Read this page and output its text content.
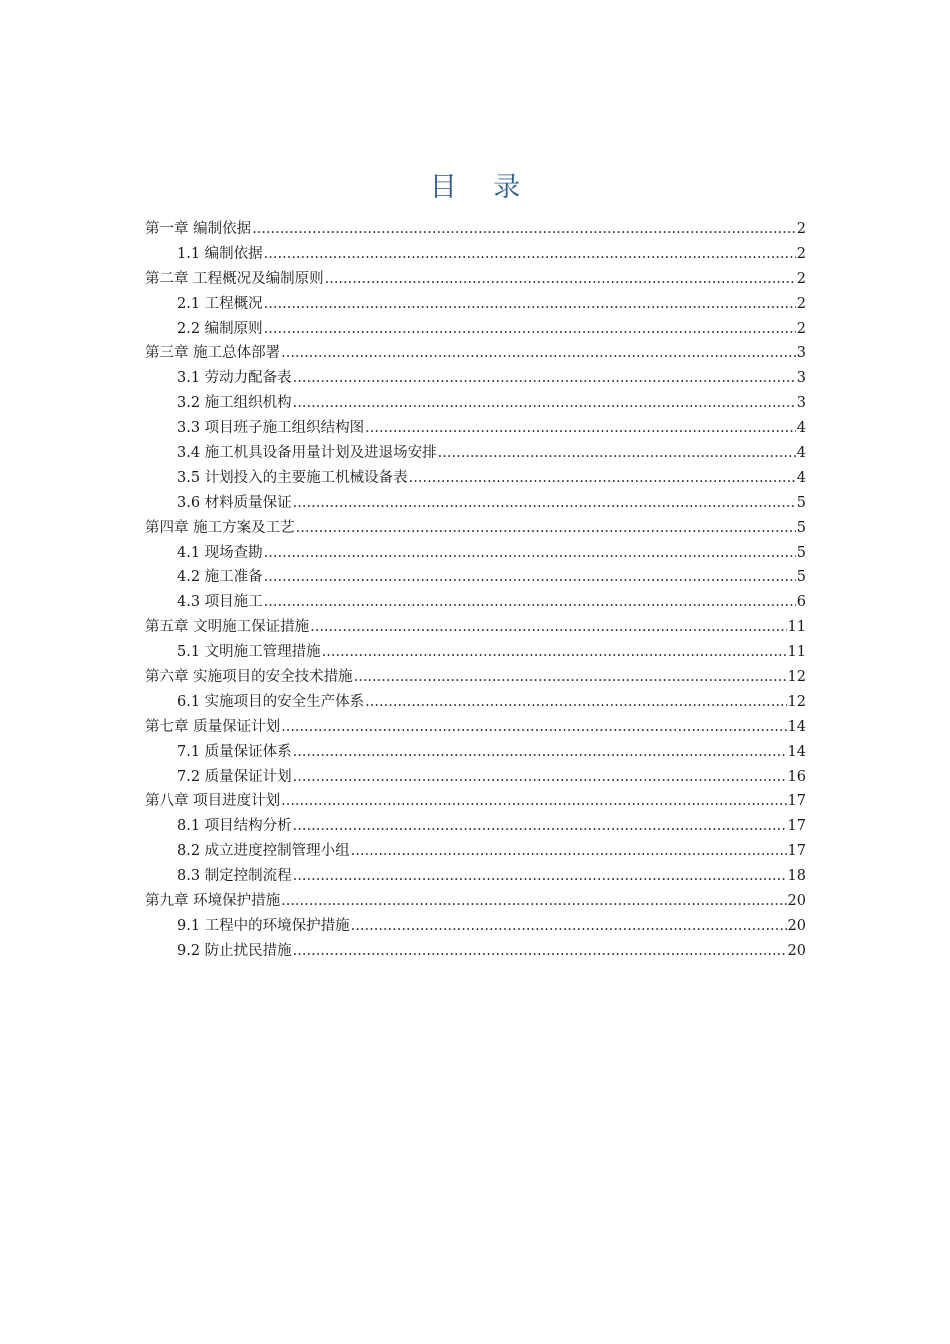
目 录
第一章 编制依据 .....	2
1.1 编制依据 .....	2
第二章 工程概况及编制原则 .....	2
2.1 工程概况 .....	2
2.2 编制原则 .....	2
第三章 施工总体部署 .....	3
3.1 劳动力配备表 .....	3
3.2 施工组织机构 .....	3
3.3 项目班子施工组织结构图 .....	4
3.4 施工机具设备用量计划及进退场安排 .....	4
3.5 计划投入的主要施工机械设备表 .....	4
3.6 材料质量保证 .....	5
第四章 施工方案及工艺 .....	5
4.1 现场查勘 .....	5
4.2 施工准备 .....	5
4.3 项目施工 .....	6
第五章 文明施工保证措施 .....	11
5.1 文明施工管理措施 .....	11
第六章 实施项目的安全技术措施 .....	12
6.1 实施项目的安全生产体系 .....	12
第七章 质量保证计划 .....	14
7.1 质量保证体系 .....	14
7.2 质量保证计划 .....	16
第八章 项目进度计划 .....	17
8.1 项目结构分析 .....	17
8.2 成立进度控制管理小组 .....	17
8.3 制定控制流程 .....	18
第九章 环境保护措施 .....	20
9.1 工程中的环境保护措施 .....	20
9.2 防止扰民措施 .....	20
